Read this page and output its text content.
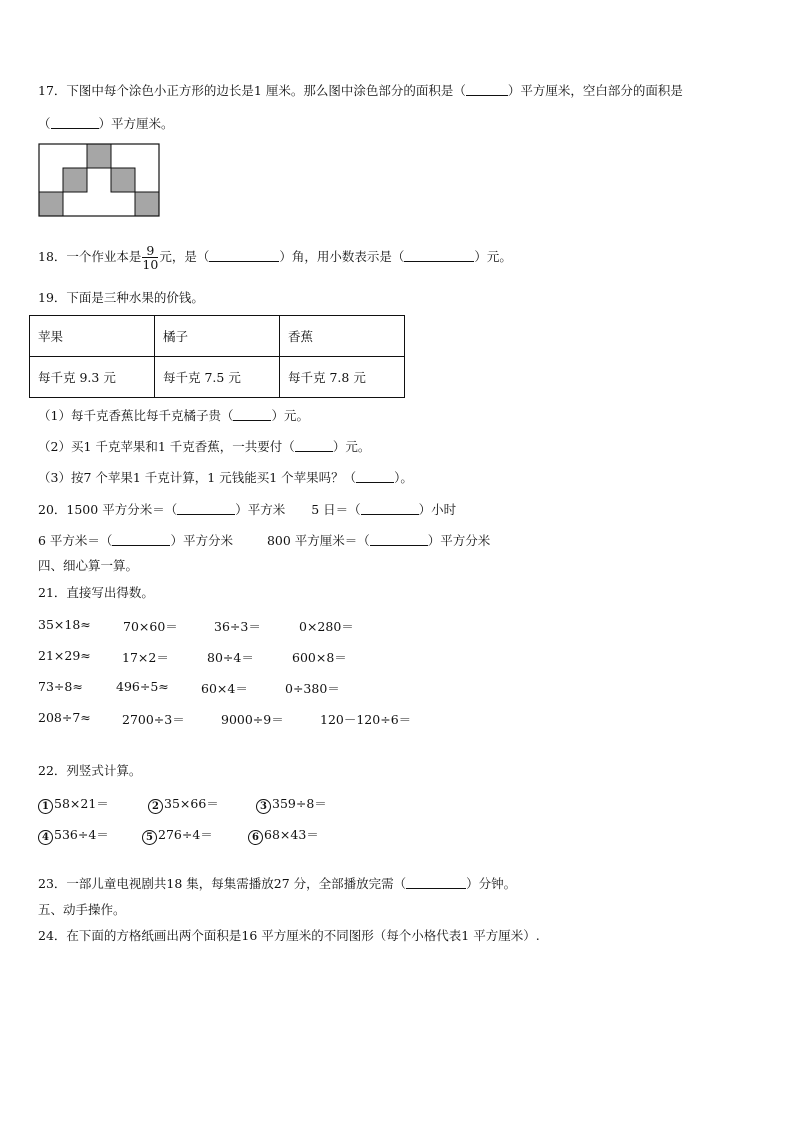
17．下图中每个涂色小正方形的边长是1 厘米。那么图中涂色部分的面积是（	）平方厘米，空白部分的面积是
（	）平方厘米。
18．一个作业本是 $\frac{9}{10}$ 元，是（	）角，用小数表示是（	）元。
19．下面是三种水果的价钱。
苹果	橘子	香蕉
每千克 9.3 元	每千克 7.5 元	每千克 7.8 元
（1）每千克香蕉比每千克橘子贵（	）元。
（2）买1 千克苹果和1 千克香蕉，一共要付（	）元。
（3）按7 个苹果1 千克计算，1 元钱能买1 个苹果吗？（	）。
20．1500 平方分米＝（	）平方米 5 日＝（	）小时
6 平方米＝（	）平方分米	800 平方厘米＝（	）平方分米
四、细心算一算。
21．直接写出得数。
35×18≈	70×60＝	36÷3＝	0×280＝
21×29≈ 17×2＝	80÷4＝	600×8＝
73÷8≈	496÷5≈	60×4＝	0÷380＝
208÷7≈ 2700÷3＝	9000÷9＝	120－120÷6＝
22．列竖式计算。
1 58×21＝	2 35×66＝	3 359÷8＝
4 536÷4＝	5 276÷4＝	6 68×43＝
23．一部儿童电视剧共18 集，每集需播放27 分，全部播放完需（	）分钟。
五、动手操作。
24．在下面的方格纸画出两个面积是16 平方厘米的不同图形（每个小格代表1 平方厘米）.
